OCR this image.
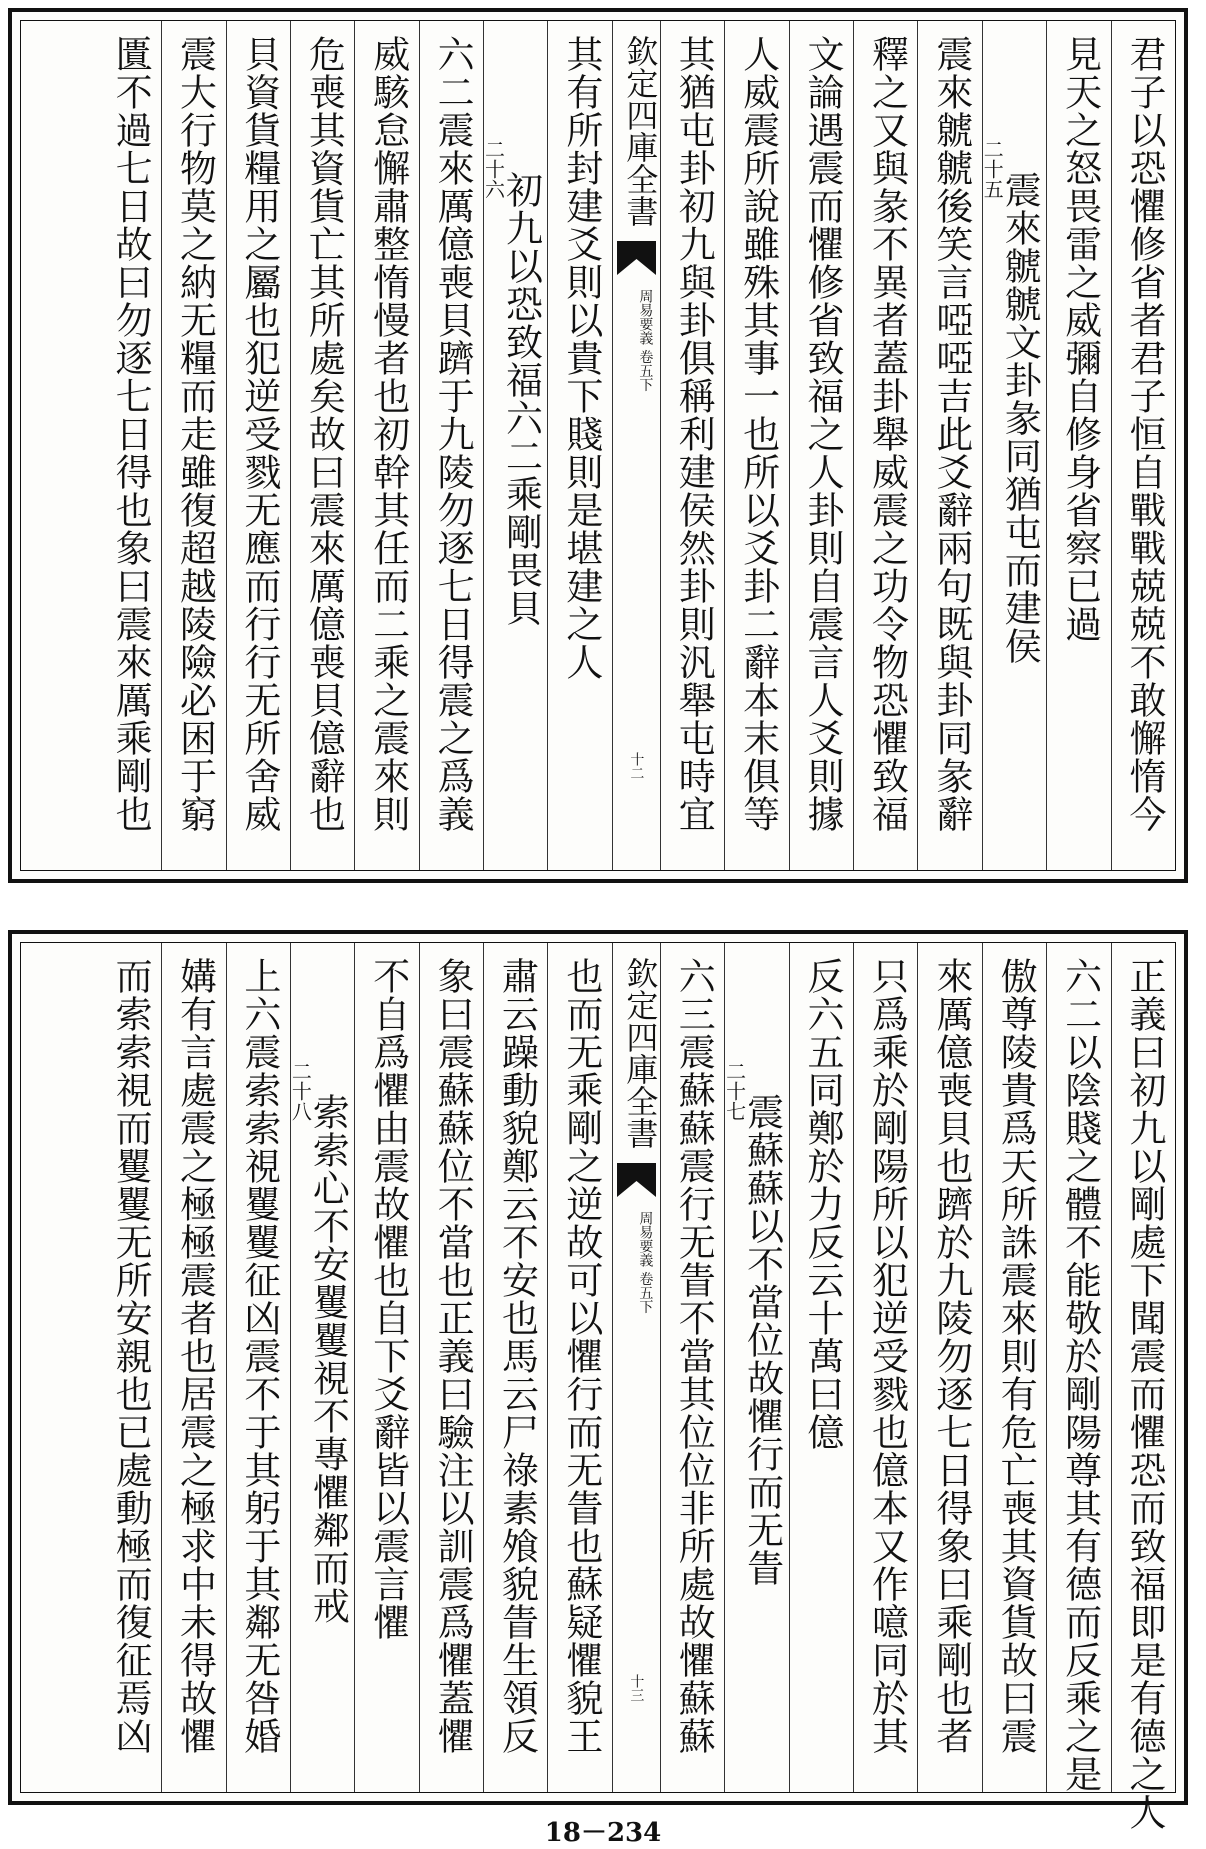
君子以恐懼修省者君子恒自戰戰兢兢不敢懈惰今
見天之怒畏雷之威彌自修身省察已過
二十五
震來虩虩文卦彖同猶屯而建侯
震來虩虩後笑言啞啞吉此爻辭兩句既與卦同彖辭
釋之又與彖不異者蓋卦舉威震之功令物恐懼致福
文論遇震而懼修省致福之人卦則自震言人爻則據
人威震所說雖殊其事一也所以爻卦二辭本末俱等
其猶屯卦初九與卦俱稱利建侯然卦則汎舉屯時宜
欽定四庫全書
周易要義 卷五下
十二
其有所封建爻則以貴下賤則是堪建之人
二十六
初九以恐致福六二乘剛畏貝
六二震來厲億喪貝躋于九陵勿逐七日得震之爲義
威駭怠懈肅整惰慢者也初幹其任而二乘之震來則
危喪其資貨亡其所處矣故曰震來厲億喪貝億辭也
貝資貨糧用之屬也犯逆受戮无應而行行无所舍威
震大行物莫之納无糧而走雖復超越陵險必困于窮
匱不過七日故曰勿逐七日得也象曰震來厲乘剛也
正義曰初九以剛處下聞震而懼恐而致福即是有德之人
六二以陰賤之體不能敬於剛陽尊其有德而反乘之是
傲尊陵貴爲天所誅震來則有危亡喪其資貨故曰震
來厲億喪貝也躋於九陵勿逐七日得象曰乘剛也者
只爲乘於剛陽所以犯逆受戮也億本又作噫同於其
反六五同鄭於力反云十萬曰億
二十七
震蘇蘇以不當位故懼行而无眚
六三震蘇蘇震行无眚不當其位位非所處故懼蘇蘇
欽定四庫全書
周易要義 卷五下
十三
也而无乘剛之逆故可以懼行而无眚也蘇疑懼貌王
肅云躁動貌鄭云不安也馬云尸祿素飧貌眚生領反
象曰震蘇蘇位不當也正義曰驗注以訓震爲懼蓋懼
不自爲懼由震故懼也自下爻辭皆以震言懼
二十八
索索心不安矍矍視不專懼鄰而戒
上六震索索視矍矍征凶震不于其躬于其鄰无咎婚
媾有言處震之極極震者也居震之極求中未得故懼
而索索視而矍矍无所安親也已處動極而復征焉凶
18－234
